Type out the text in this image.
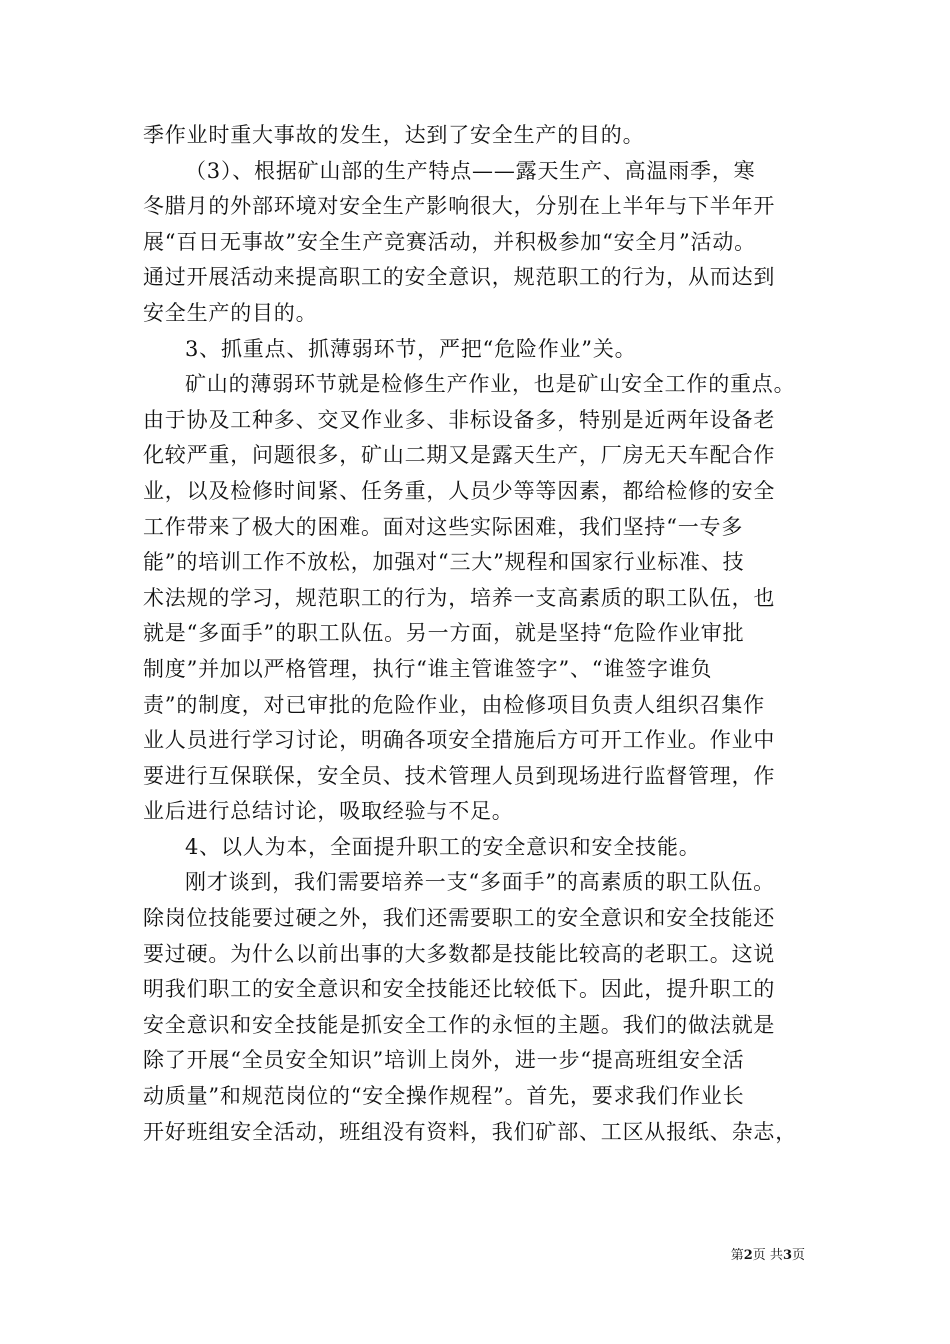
季作业时重大事故的发生，达到了安全生产的目的。

（3）、根据矿山部的生产特点——露天生产、高温雨季，寒
冬腊月的外部环境对安全生产影响很大，分别在上半年与下半年开
展“百日无事故”安全生产竞赛活动，并积极参加“安全月”活动。
通过开展活动来提高职工的安全意识，规范职工的行为，从而达到
安全生产的目的。

3、抓重点、抓薄弱环节，严把“危险作业”关。

矿山的薄弱环节就是检修生产作业，也是矿山安全工作的重点。
由于协及工种多、交叉作业多、非标设备多，特别是近两年设备老
化较严重，问题很多，矿山二期又是露天生产，厂房无天车配合作
业，以及检修时间紧、任务重，人员少等等因素，都给检修的安全
工作带来了极大的困难。面对这些实际困难，我们坚持“一专多
能”的培训工作不放松，加强对“三大”规程和国家行业标准、技
术法规的学习，规范职工的行为，培养一支高素质的职工队伍，也
就是“多面手”的职工队伍。另一方面，就是坚持“危险作业审批
制度”并加以严格管理，执行“谁主管谁签字”、“谁签字谁负
责”的制度，对已审批的危险作业，由检修项目负责人组织召集作
业人员进行学习讨论，明确各项安全措施后方可开工作业。作业中
要进行互保联保，安全员、技术管理人员到现场进行监督管理，作
业后进行总结讨论，吸取经验与不足。

4、以人为本，全面提升职工的安全意识和安全技能。

刚才谈到，我们需要培养一支“多面手”的高素质的职工队伍。
除岗位技能要过硬之外，我们还需要职工的安全意识和安全技能还
要过硬。为什么以前出事的大多数都是技能比较高的老职工。这说
明我们职工的安全意识和安全技能还比较低下。因此，提升职工的
安全意识和安全技能是抓安全工作的永恒的主题。我们的做法就是
除了开展“全员安全知识”培训上岗外，进一步“提高班组安全活
动质量”和规范岗位的“安全操作规程”。首先，要求我们作业长
开好班组安全活动，班组没有资料，我们矿部、工区从报纸、杂志，

第2页 共3页
